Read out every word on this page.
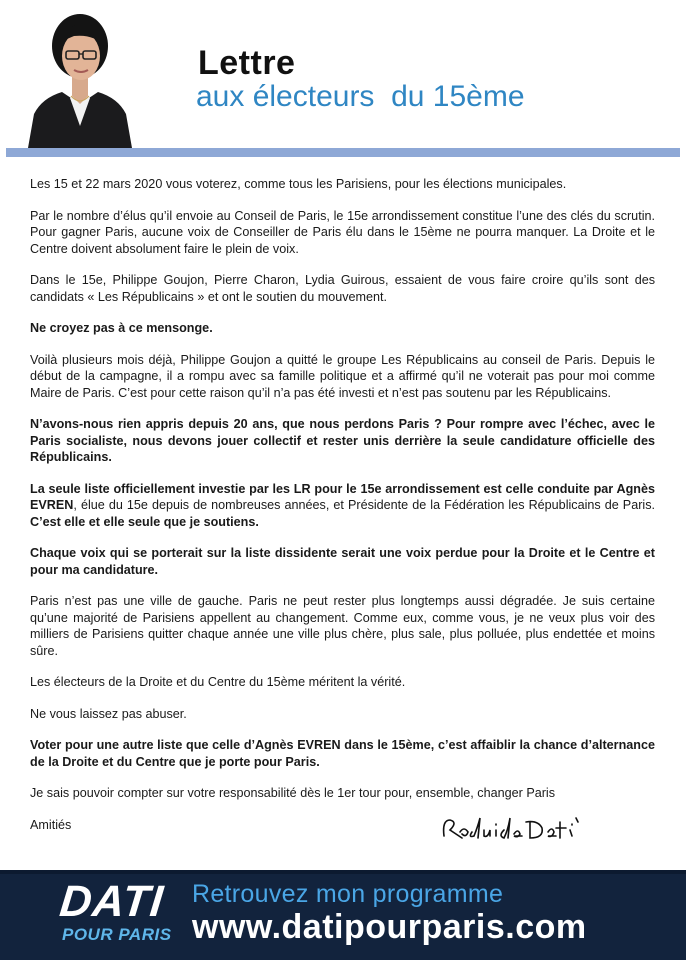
Lettre
aux électeurs  du 15ème

Les 15 et 22 mars 2020 vous voterez, comme tous les Parisiens, pour les élections municipales.

Par le nombre d’élus qu’il envoie au Conseil de Paris, le 15e arrondissement constitue l’une des clés du scrutin. Pour gagner Paris, aucune voix de Conseiller de Paris élu dans le 15ème ne pourra manquer. La Droite et le Centre doivent absolument faire le plein de voix.

Dans le 15e, Philippe Goujon, Pierre Charon, Lydia Guirous, essaient de vous faire croire qu’ils sont des candidats « Les Républicains » et ont le soutien du mouvement.

Ne croyez pas à ce mensonge.

Voilà plusieurs mois déjà, Philippe Goujon a quitté le groupe Les Républicains au conseil de Paris. Depuis le début de la campagne, il a rompu avec sa famille politique et a affirmé qu’il ne voterait pas pour moi comme Maire de Paris. C’est pour cette raison qu’il n’a pas été investi et n’est pas soutenu par les Républicains.

N’avons-nous rien appris depuis 20 ans, que nous perdons Paris ? Pour rompre avec l’échec, avec le Paris socialiste, nous devons jouer collectif et rester unis derrière la seule candidature officielle des Républicains.

La seule liste officiellement investie par les LR pour le 15e arrondissement est celle conduite par Agnès EVREN, élue du 15e depuis de nombreuses années, et Présidente de la Fédération les Républicains de Paris. C’est elle et elle seule que je soutiens.

Chaque voix qui se porterait sur la liste dissidente serait une voix perdue pour la Droite et le Centre et pour ma candidature.

Paris n’est pas une ville de gauche. Paris ne peut rester plus longtemps aussi dégradée. Je suis certaine qu’une majorité de Parisiens appellent au changement. Comme eux, comme vous, je ne veux plus voir des milliers de Parisiens quitter chaque année une ville plus chère, plus sale, plus polluée, plus endettée et moins sûre.

Les électeurs de la Droite et du Centre du 15ème méritent la vérité.

Ne vous laissez pas abuser.

Voter pour une autre liste que celle d’Agnès EVREN dans le 15ème, c’est affaiblir la chance d’alternance de la Droite et du Centre que je porte pour Paris.

Je sais pouvoir compter sur votre responsabilité dès le 1er tour pour, ensemble, changer Paris

Amitiés

DATI
POUR PARIS
Retrouvez mon programme
www.datipourparis.com
